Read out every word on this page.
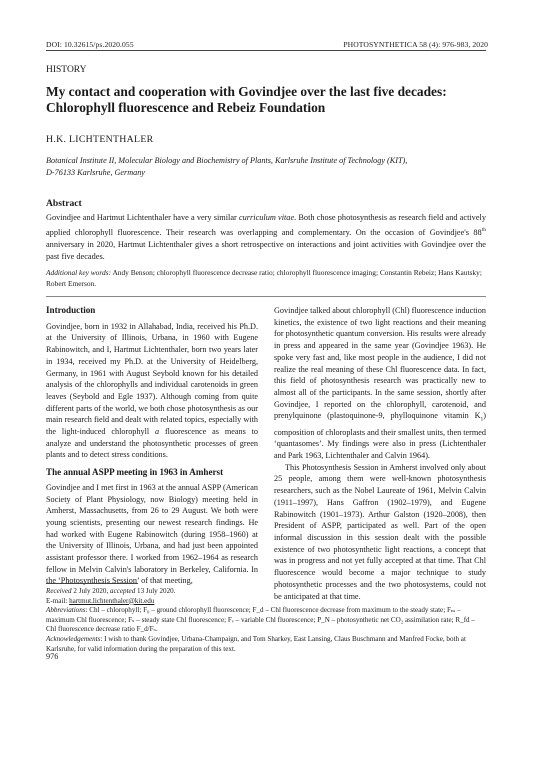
DOI: 10.32615/ps.2020.055	PHOTOSYNTHETICA 58 (4): 976-983, 2020
HISTORY
My contact and cooperation with Govindjee over the last five decades: Chlorophyll fluorescence and Rebeiz Foundation
H.K. LICHTENTHALER
Botanical Institute II, Molecular Biology and Biochemistry of Plants, Karlsruhe Institute of Technology (KIT),
D-76133 Karlsruhe, Germany
Abstract
Govindjee and Hartmut Lichtenthaler have a very similar curriculum vitae. Both chose photosynthesis as research field and actively applied chlorophyll fluorescence. Their research was overlapping and complementary. On the occasion of Govindjee's 88th anniversary in 2020, Hartmut Lichtenthaler gives a short retrospective on interactions and joint activities with Govindjee over the past five decades.
Additional key words: Andy Benson; chlorophyll fluorescence decrease ratio; chlorophyll fluorescence imaging; Constantin Rebeiz; Hans Kautsky; Robert Emerson.
Introduction

Govindjee, born in 1932 in Allahabad, India, received his Ph.D. at the University of Illinois, Urbana, in 1960 with Eugene Rabinowitch, and I, Hartmut Lichtenthaler, born two years later in 1934, received my Ph.D. at the University of Heidelberg, Germany, in 1961 with August Seybold known for his detailed analysis of the chlorophylls and individual carotenoids in green leaves (Seybold and Egle 1937). Although coming from quite different parts of the world, we both chose photosynthesis as our main research field and dealt with related topics, especially with the light-induced chlorophyll a fluorescence as means to analyze and understand the photosynthetic processes of green plants and to detect stress conditions.

The annual ASPP meeting in 1963 in Amherst

Govindjee and I met first in 1963 at the annual ASPP (American Society of Plant Physiology, now Biology) meeting held in Amherst, Massachusetts, from 26 to 29 August. We both were young scientists, presenting our newest research findings. He had worked with Eugene Rabinowitch (during 1958–1960) at the University of Illinois, Urbana, and had just been appointed assistant professor there. I worked from 1962–1964 as research fellow in Melvin Calvin's laboratory in Berkeley, California. In the ‘Photosynthesis Session’ of that meeting,

Govindjee talked about chlorophyll (Chl) fluorescence induction kinetics, the existence of two light reactions and their meaning for photosynthetic quantum conversion. His results were already in press and appeared in the same year (Govindjee 1963). He spoke very fast and, like most people in the audience, I did not realize the real meaning of these Chl fluorescence data. In fact, this field of photosynthesis research was practically new to almost all of the participants. In the same session, shortly after Govindjee, I reported on the chlorophyll, carotenoid, and prenylquinone (plastoquinone-9, phylloquinone vitamin $K_1$) composition of chloroplasts and their smallest units, then termed ‘quantasomes’. My findings were also in press (Lichtenthaler and Park 1963, Lichtenthaler and Calvin 1964).

This Photosynthesis Session in Amherst involved only about 25 people, among them were well-known photosynthesis researchers, such as the Nobel Laureate of 1961, Melvin Calvin (1911–1997), Hans Gaffron (1902–1979), and Eugene Rabinowitch (1901–1973). Arthur Galston (1920–2008), then President of ASPP, participated as well. Part of the open informal discussion in this session dealt with the possible existence of two photosynthetic light reactions, a concept that was in progress and not yet fully accepted at that time. That Chl fluorescence would become a major technique to study photosynthetic processes and the two photosystems, could not be anticipated at that time.

Received 2 July 2020, accepted 13 July 2020.

E-mail: hartmut.lichtenthaler@kit.edu

Abbreviations: Chl – chlorophyll; F₀ – ground chlorophyll fluorescence; F_d – Chl fluorescence decrease from maximum to the steady state; Fₘ – maximum Chl fluorescence; Fₛ – steady state Chl fluorescence; Fᵥ – variable Chl fluorescence; P_N – photosynthetic net CO₂ assimilation rate; R_fd – Chl fluorescence decrease ratio F_d/Fₛ.

Acknowledgements: I wish to thank Govindjee, Urbana-Champaign, and Tom Sharkey, East Lansing, Claus Buschmann and Manfred Focke, both at Karlsruhe, for valid information during the preparation of this text.

976
